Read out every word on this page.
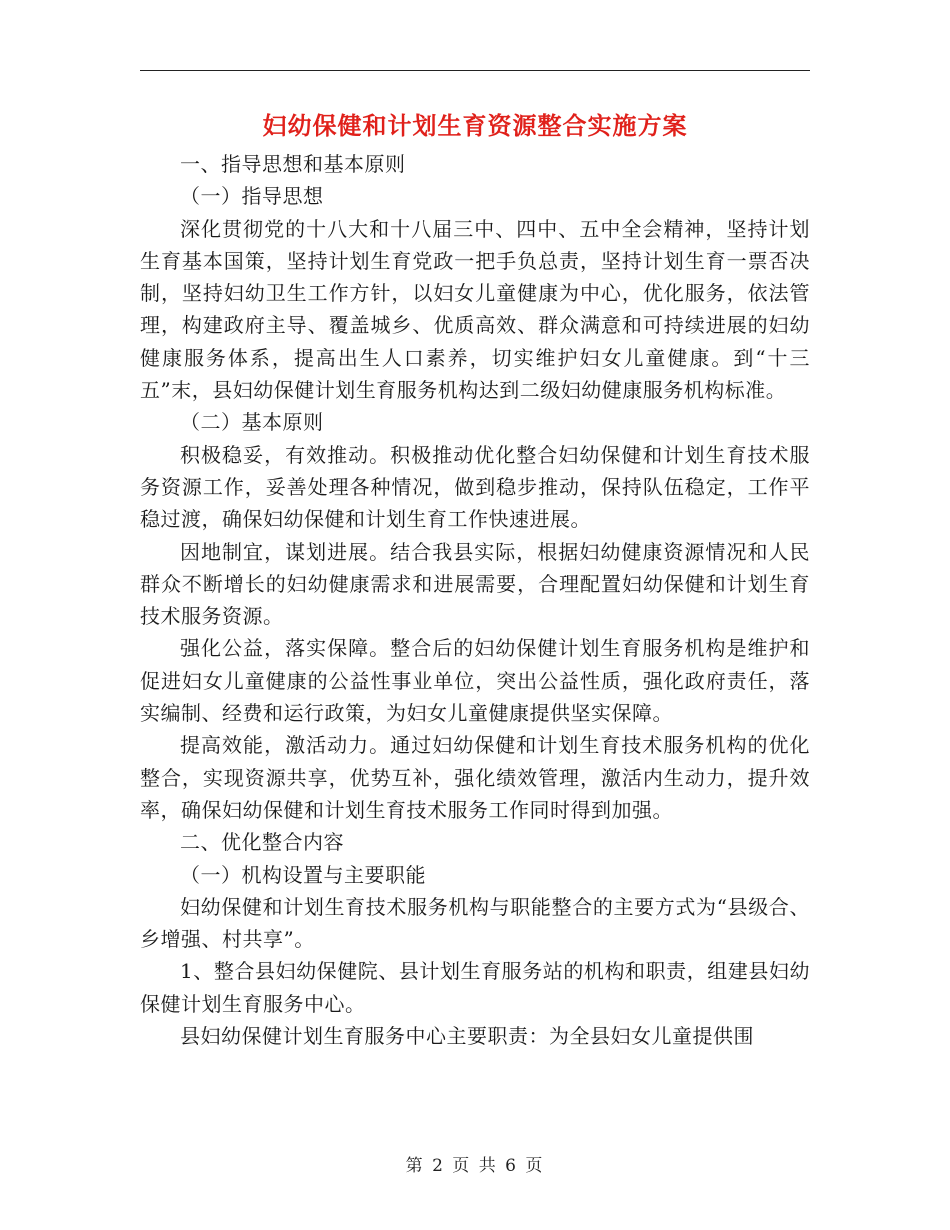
妇幼保健和计划生育资源整合实施方案

一、指导思想和基本原则

（一）指导思想

深化贯彻党的十八大和十八届三中、四中、五中全会精神，坚持计划生育基本国策，坚持计划生育党政一把手负总责，坚持计划生育一票否决制，坚持妇幼卫生工作方针，以妇女儿童健康为中心，优化服务，依法管理，构建政府主导、覆盖城乡、优质高效、群众满意和可持续进展的妇幼健康服务体系，提高出生人口素养，切实维护妇女儿童健康。到“十三五”末，县妇幼保健计划生育服务机构达到二级妇幼健康服务机构标准。

（二）基本原则

积极稳妥，有效推动。积极推动优化整合妇幼保健和计划生育技术服务资源工作，妥善处理各种情况，做到稳步推动，保持队伍稳定，工作平稳过渡，确保妇幼保健和计划生育工作快速进展。

因地制宜，谋划进展。结合我县实际，根据妇幼健康资源情况和人民群众不断增长的妇幼健康需求和进展需要，合理配置妇幼保健和计划生育技术服务资源。

强化公益，落实保障。整合后的妇幼保健计划生育服务机构是维护和促进妇女儿童健康的公益性事业单位，突出公益性质，强化政府责任，落实编制、经费和运行政策，为妇女儿童健康提供坚实保障。

提高效能，激活动力。通过妇幼保健和计划生育技术服务机构的优化整合，实现资源共享，优势互补，强化绩效管理，激活内生动力，提升效率，确保妇幼保健和计划生育技术服务工作同时得到加强。

二、优化整合内容

（一）机构设置与主要职能

妇幼保健和计划生育技术服务机构与职能整合的主要方式为“县级合、乡增强、村共享”。

1、整合县妇幼保健院、县计划生育服务站的机构和职责，组建县妇幼保健计划生育服务中心。

县妇幼保健计划生育服务中心主要职责：为全县妇女儿童提供围

第 2 页 共 6 页
